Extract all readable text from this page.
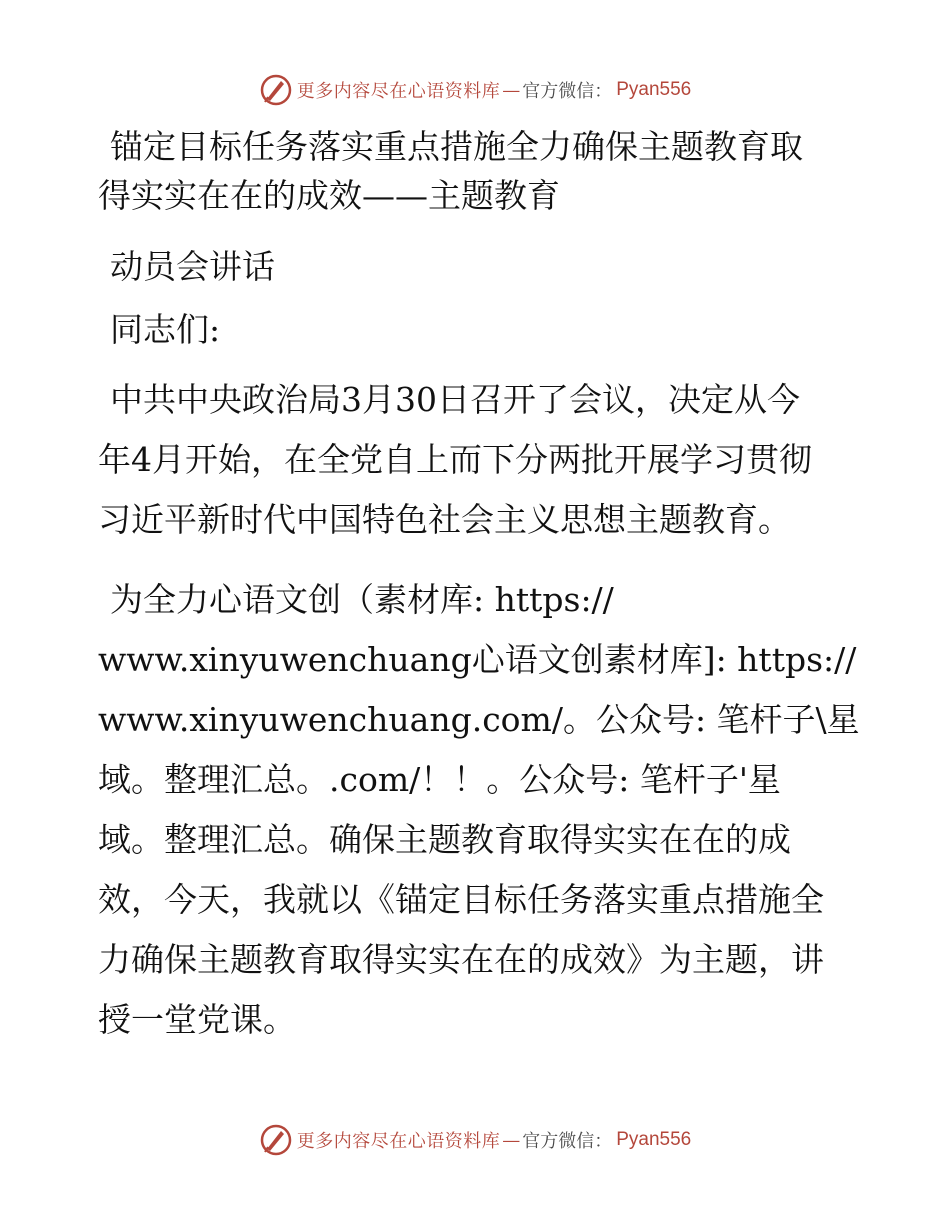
更多内容尽在心语资料库 — 官方微信： Pyan556
锚定目标任务落实重点措施全力确保主题教育取
得实实在在的成效——主题教育
动员会讲话
同志们:
中共中央政治局3月30日召开了会议，决定从今
年4月开始，在全党自上而下分两批开展学习贯彻
习近平新时代中国特色社会主义思想主题教育。
为全力心语文创（素材库: https://
www.xinyuwenchuang心语文创素材库]: https://
www.xinyuwenchuang.com/。公众号: 笔杆子\星
域。整理汇总。.com/！！。公众号: 笔杆子'星
域。整理汇总。确保主题教育取得实实在在的成
效，今天，我就以《锚定目标任务落实重点措施全
力确保主题教育取得实实在在的成效》为主题，讲
授一堂党课。
更多内容尽在心语资料库 — 官方微信： Pyan556
